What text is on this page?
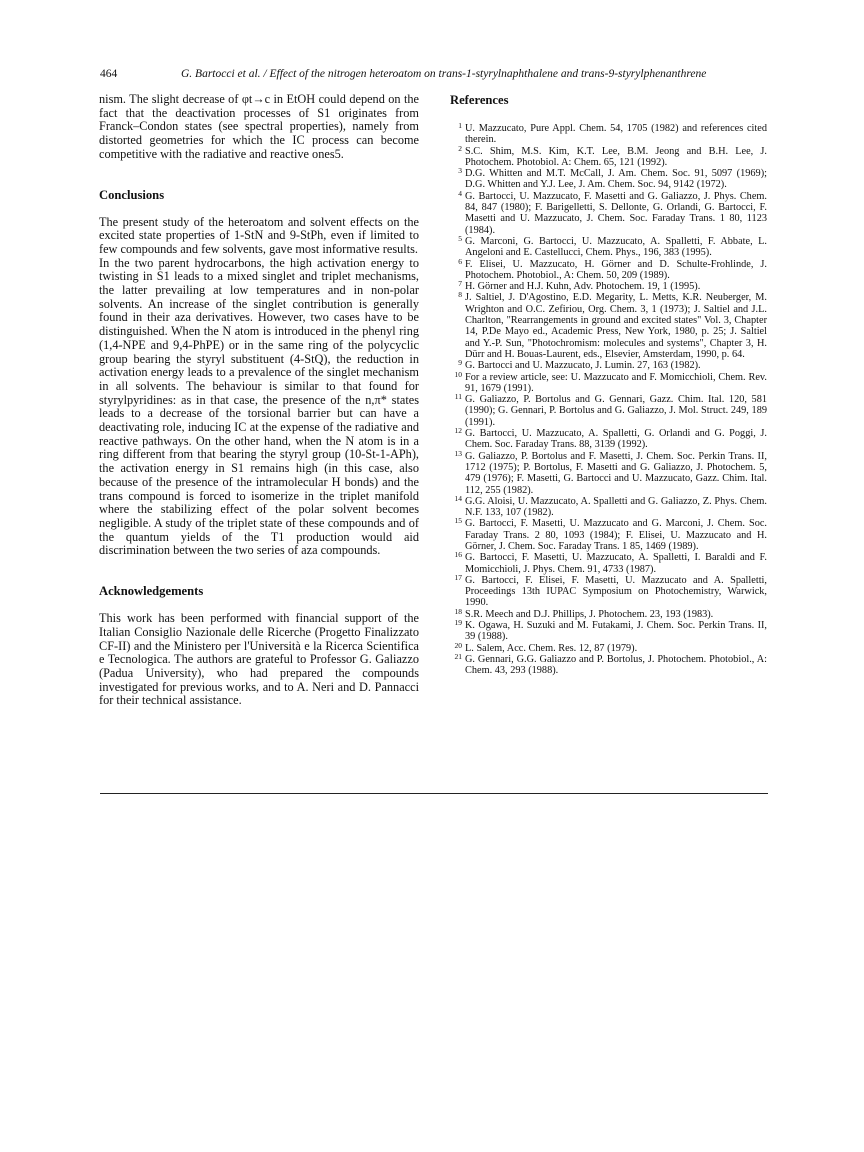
464	G. Bartocci et al. / Effect of the nitrogen heteroatom on trans-1-styrylnaphthalene and trans-9-styrylphenanthrene

nism. The slight decrease of φt→c in EtOH could depend on the fact that the deactivation processes of S1 originates from Franck–Condon states (see spectral properties), namely from distorted geometries for which the IC process can become competitive with the radiative and reactive ones5.

Conclusions

The present study of the heteroatom and solvent effects on the excited state properties of 1-StN and 9-StPh, even if limited to few compounds and few solvents, gave most informative results.

In the two parent hydrocarbons, the high activation energy to twisting in S1 leads to a mixed singlet and triplet mechanisms, the latter prevailing at low temperatures and in non-polar solvents. An increase of the singlet contribution is generally found in their aza derivatives. However, two cases have to be distinguished. When the N atom is introduced in the phenyl ring (1,4-NPE and 9,4-PhPE) or in the same ring of the polycyclic group bearing the styryl substituent (4-StQ), the reduction in activation energy leads to a prevalence of the singlet mechanism in all solvents. The behaviour is similar to that found for styrylpyridines: as in that case, the presence of the n,π* states leads to a decrease of the torsional barrier but can have a deactivating role, inducing IC at the expense of the radiative and reactive pathways. On the other hand, when the N atom is in a ring different from that bearing the styryl group (10-St-1-APh), the activation energy in S1 remains high (in this case, also because of the presence of the intramolecular H bonds) and the trans compound is forced to isomerize in the triplet manifold where the stabilizing effect of the polar solvent becomes negligible. A study of the triplet state of these compounds and of the quantum yields of the T1 production would aid discrimination between the two series of aza compounds.

Acknowledgements

This work has been performed with financial support of the Italian Consiglio Nazionale delle Ricerche (Progetto Finalizzato CF-II) and the Ministero per l'Università e la Ricerca Scientifica e Tecnologica. The authors are grateful to Professor G. Galiazzo (Padua University), who had prepared the compounds investigated for previous works, and to A. Neri and D. Pannacci for their technical assistance.

References
1 U. Mazzucato, Pure Appl. Chem. 54, 1705 (1982) and references cited therein.
2 S.C. Shim, M.S. Kim, K.T. Lee, B.M. Jeong and B.H. Lee, J. Photochem. Photobiol. A: Chem. 65, 121 (1992).
3 D.G. Whitten and M.T. McCall, J. Am. Chem. Soc. 91, 5097 (1969); D.G. Whitten and Y.J. Lee, J. Am. Chem. Soc. 94, 9142 (1972).
4 G. Bartocci, U. Mazzucato, F. Masetti and G. Galiazzo, J. Phys. Chem. 84, 847 (1980); F. Barigelletti, S. Dellonte, G. Orlandi, G. Bartocci, F. Masetti and U. Mazzucato, J. Chem. Soc. Faraday Trans. 1 80, 1123 (1984).
5 G. Marconi, G. Bartocci, U. Mazzucato, A. Spalletti, F. Abbate, L. Angeloni and E. Castellucci, Chem. Phys., 196, 383 (1995).
6 F. Elisei, U. Mazzucato, H. Görner and D. Schulte-Frohlinde, J. Photochem. Photobiol., A: Chem. 50, 209 (1989).
7 H. Görner and H.J. Kuhn, Adv. Photochem. 19, 1 (1995).
8 J. Saltiel, J. D'Agostino, E.D. Megarity, L. Metts, K.R. Neuberger, M. Wrighton and O.C. Zefiriou, Org. Chem. 3, 1 (1973); J. Saltiel and J.L. Charlton, "Rearrangements in ground and excited states" Vol. 3, Chapter 14, P.De Mayo ed., Academic Press, New York, 1980, p. 25; J. Saltiel and Y.-P. Sun, "Photochromism: molecules and systems", Chapter 3, H. Dürr and H. Bouas-Laurent, eds., Elsevier, Amsterdam, 1990, p. 64.
9 G. Bartocci and U. Mazzucato, J. Lumin. 27, 163 (1982).
10 For a review article, see: U. Mazzucato and F. Momicchioli, Chem. Rev. 91, 1679 (1991).
11 G. Galiazzo, P. Bortolus and G. Gennari, Gazz. Chim. Ital. 120, 581 (1990); G. Gennari, P. Bortolus and G. Galiazzo, J. Mol. Struct. 249, 189 (1991).
12 G. Bartocci, U. Mazzucato, A. Spalletti, G. Orlandi and G. Poggi, J. Chem. Soc. Faraday Trans. 88, 3139 (1992).
13 G. Galiazzo, P. Bortolus and F. Masetti, J. Chem. Soc. Perkin Trans. II, 1712 (1975); P. Bortolus, F. Masetti and G. Galiazzo, J. Photochem. 5, 479 (1976); F. Masetti, G. Bartocci and U. Mazzucato, Gazz. Chim. Ital. 112, 255 (1982).
14 G.G. Aloisi, U. Mazzucato, A. Spalletti and G. Galiazzo, Z. Phys. Chem. N.F. 133, 107 (1982).
15 G. Bartocci, F. Masetti, U. Mazzucato and G. Marconi, J. Chem. Soc. Faraday Trans. 2 80, 1093 (1984); F. Elisei, U. Mazzucato and H. Görner, J. Chem. Soc. Faraday Trans. 1 85, 1469 (1989).
16 G. Bartocci, F. Masetti, U. Mazzucato, A. Spalletti, I. Baraldi and F. Momicchioli, J. Phys. Chem. 91, 4733 (1987).
17 G. Bartocci, F. Elisei, F. Masetti, U. Mazzucato and A. Spalletti, Proceedings 13th IUPAC Symposium on Photochemistry, Warwick, 1990.
18 S.R. Meech and D.J. Phillips, J. Photochem. 23, 193 (1983).
19 K. Ogawa, H. Suzuki and M. Futakami, J. Chem. Soc. Perkin Trans. II, 39 (1988).
20 L. Salem, Acc. Chem. Res. 12, 87 (1979).
21 G. Gennari, G.G. Galiazzo and P. Bortolus, J. Photochem. Photobiol., A: Chem. 43, 293 (1988).
